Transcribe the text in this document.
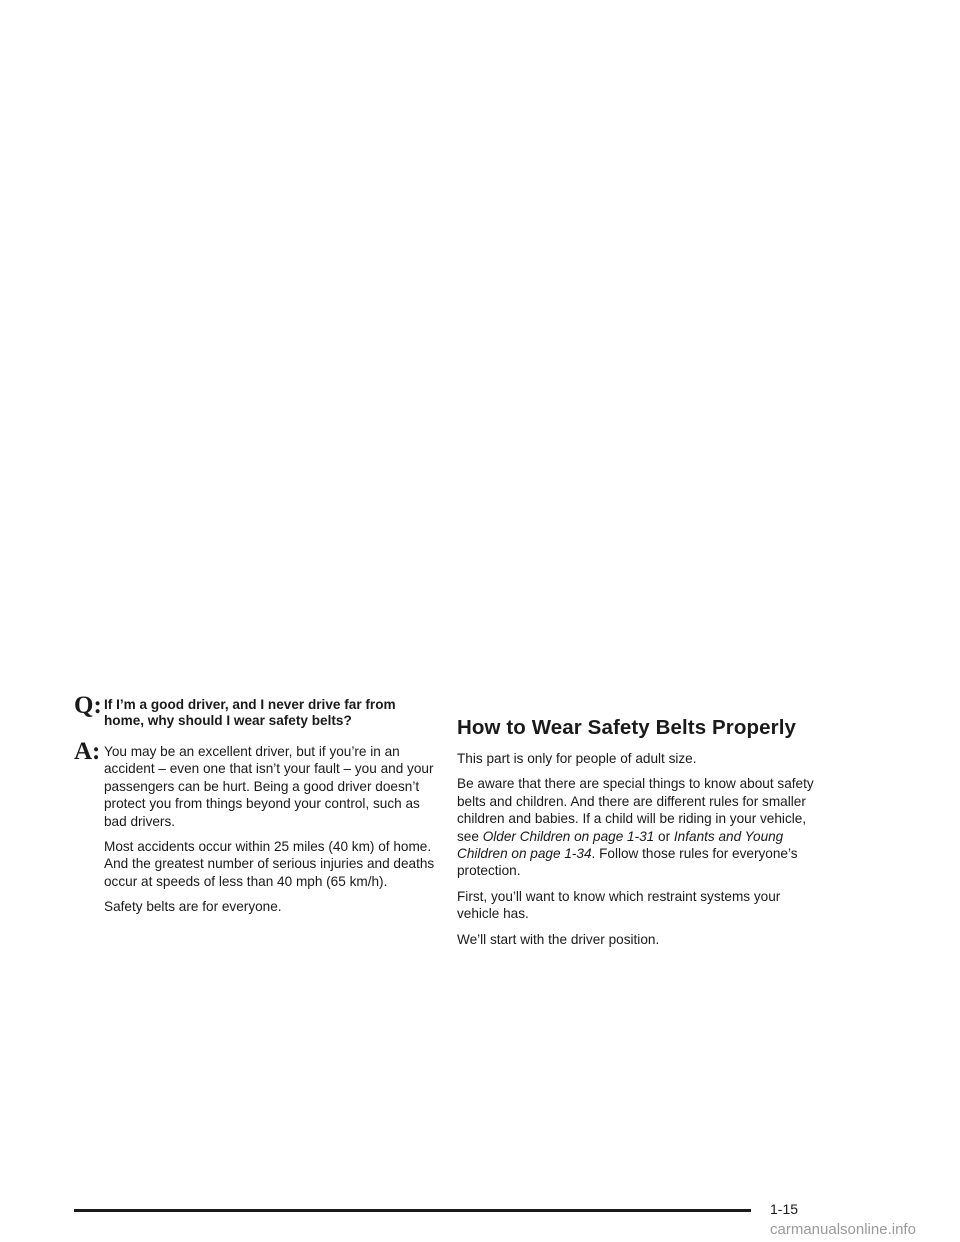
Q: If I’m a good driver, and I never drive far from home, why should I wear safety belts?
A: You may be an excellent driver, but if you’re in an accident – even one that isn’t your fault – you and your passengers can be hurt. Being a good driver doesn’t protect you from things beyond your control, such as bad drivers.

Most accidents occur within 25 miles (40 km) of home. And the greatest number of serious injuries and deaths occur at speeds of less than 40 mph (65 km/h).

Safety belts are for everyone.

How to Wear Safety Belts Properly

This part is only for people of adult size.

Be aware that there are special things to know about safety belts and children. And there are different rules for smaller children and babies. If a child will be riding in your vehicle, see Older Children on page 1-31 or Infants and Young Children on page 1-34. Follow those rules for everyone’s protection.

First, you’ll want to know which restraint systems your vehicle has.

We’ll start with the driver position.

1-15
carmanualsonline.info
